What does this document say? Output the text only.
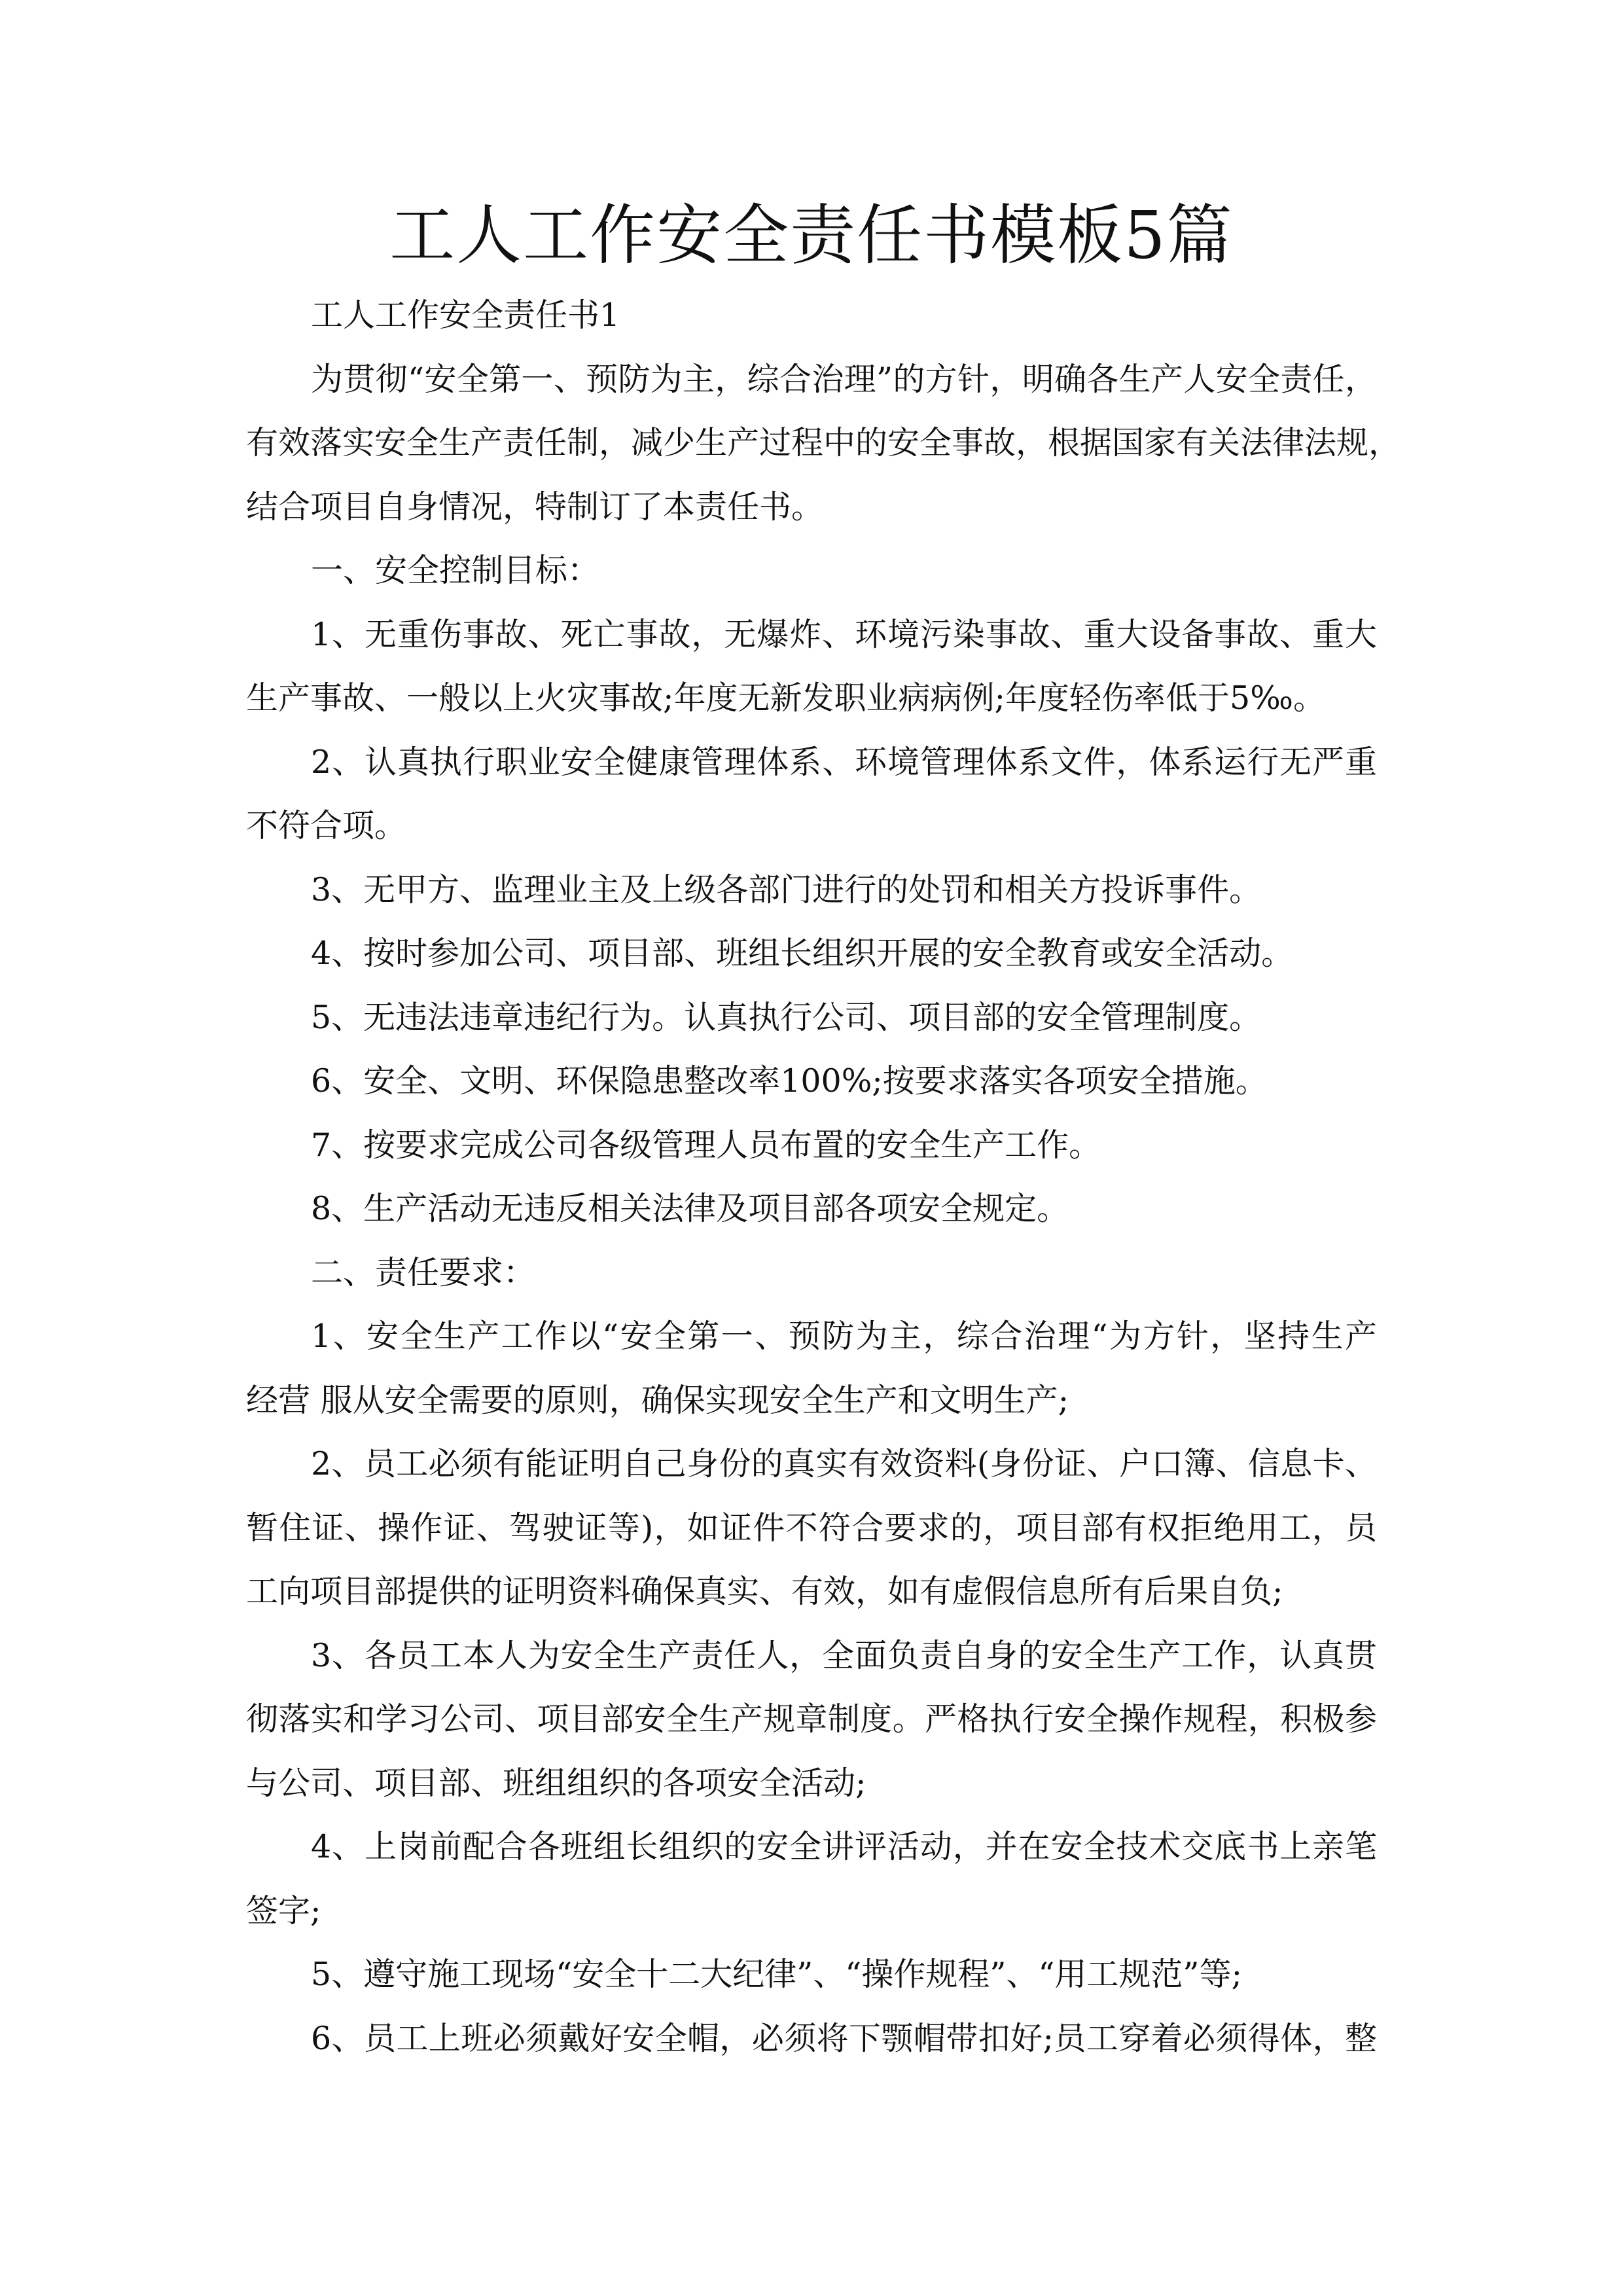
工人工作安全责任书模板5篇
工人工作安全责任书1
为贯彻“安全第一、预防为主，综合治理”的方针，明确各生产人安全责任，
有效落实安全生产责任制，减少生产过程中的安全事故，根据国家有关法律法规，
结合项目自身情况，特制订了本责任书。
一、安全控制目标：
1、无重伤事故、死亡事故，无爆炸、环境污染事故、重大设备事故、重大
生产事故、一般以上火灾事故;年度无新发职业病病例;年度轻伤率低于5‰。
2、认真执行职业安全健康管理体系、环境管理体系文件，体系运行无严重
不符合项。
3、无甲方、监理业主及上级各部门进行的处罚和相关方投诉事件。
4、按时参加公司、项目部、班组长组织开展的安全教育或安全活动。
5、无违法违章违纪行为。认真执行公司、项目部的安全管理制度。
6、安全、文明、环保隐患整改率100%;按要求落实各项安全措施。
7、按要求完成公司各级管理人员布置的安全生产工作。
8、生产活动无违反相关法律及项目部各项安全规定。
二、责任要求：
1、安全生产工作以“安全第一、预防为主，综合治理“为方针，坚持生产
经营 服从安全需要的原则，确保实现安全生产和文明生产;
2、员工必须有能证明自己身份的真实有效资料(身份证、户口簿、信息卡、
暂住证、操作证、驾驶证等)，如证件不符合要求的，项目部有权拒绝用工，员
工向项目部提供的证明资料确保真实、有效，如有虚假信息所有后果自负;
3、各员工本人为安全生产责任人，全面负责自身的安全生产工作，认真贯
彻落实和学习公司、项目部安全生产规章制度。严格执行安全操作规程，积极参
与公司、项目部、班组组织的各项安全活动;
4、上岗前配合各班组长组织的安全讲评活动，并在安全技术交底书上亲笔
签字;
5、遵守施工现场“安全十二大纪律”、“操作规程”、“用工规范”等;
6、员工上班必须戴好安全帽，必须将下颚帽带扣好;员工穿着必须得体，整
